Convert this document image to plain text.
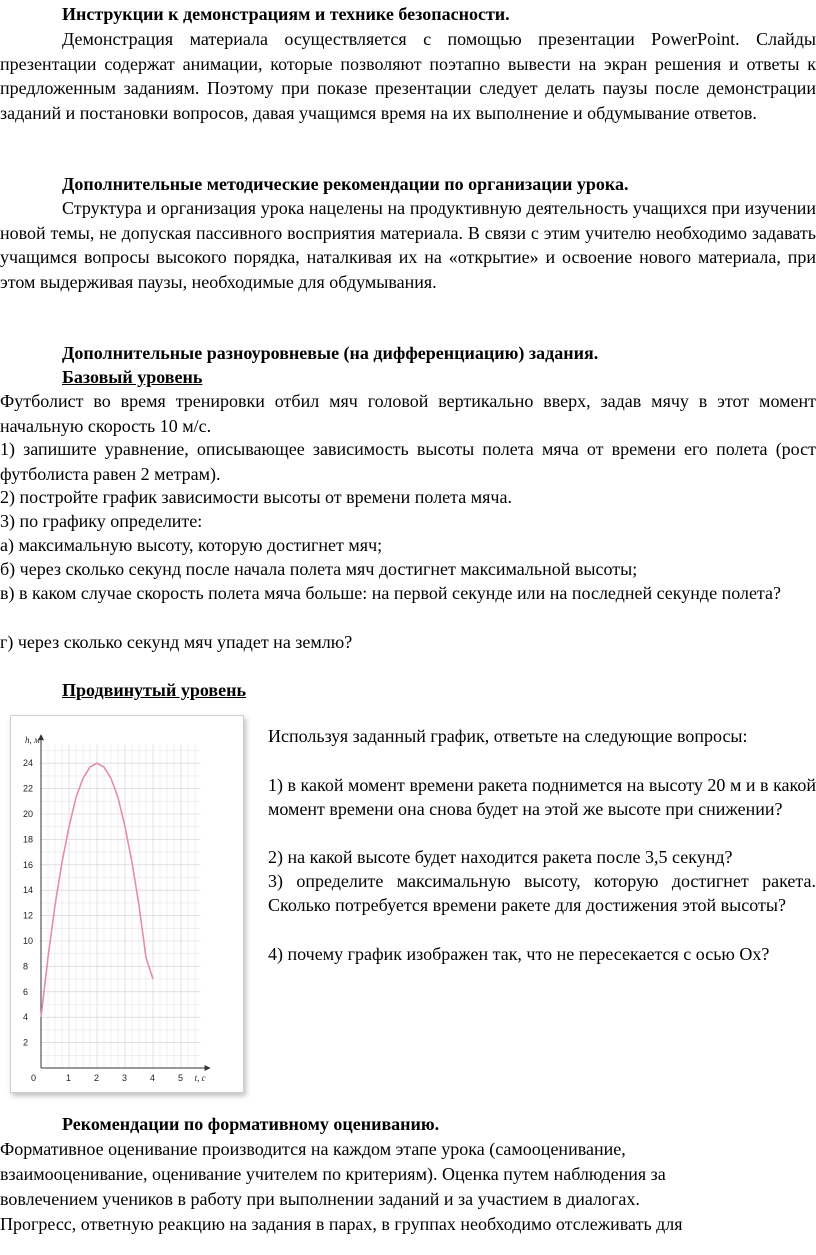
Инструкции к демонстрациям и технике безопасности.

Демонстрация материала осуществляется с помощью презентации PowerPoint. Слайды презентации содержат анимации, которые позволяют поэтапно вывести на экран решения и ответы к предложенным заданиям. Поэтому при показе презентации следует делать паузы после демонстрации заданий и постановки вопросов, давая учащимся время на их выполнение и обдумывание ответов.

Дополнительные методические рекомендации по организации урока.

Структура и организация урока нацелены на продуктивную деятельность учащихся при изучении новой темы, не допуская пассивного восприятия материала. В связи с этим учителю необходимо задавать учащимся вопросы высокого порядка, наталкивая их на «открытие» и освоение нового материала, при этом выдерживая паузы, необходимые для обдумывания.

Дополнительные разноуровневые (на дифференциацию) задания.

Базовый уровень

Футболист во время тренировки отбил мяч головой вертикально вверх, задав мячу в этот момент начальную скорость 10 м/с.

1) запишите уравнение, описывающее зависимость высоты полета мяча от времени его полета (рост футболиста равен 2 метрам).

2) постройте график зависимости высоты от времени полета мяча.

3) по графику определите:

а) максимальную высоту, которую достигнет мяч;

б) через сколько секунд после начала полета мяч достигнет максимальной высоты;

в) в каком случае скорость полета мяча больше: на первой секунде или на последней секунде полета?

г) через сколько секунд мяч упадет на землю?

Продвинутый уровень

0	1	2	3	4	5
2
4
6
8
10
12
14
16
18
20
22
24
t, c
h, м	Используя заданный график, ответьте на следующие вопросы:

1) в какой момент времени ракета поднимется на высоту 20 м и в какой момент времени она снова будет на этой же высоте при снижении?

2) на какой высоте будет находится ракета после 3,5 секунд?

3) определите максимальную высоту, которую достигнет ракета. Сколько потребуется времени ракете для достижения этой высоты?

4) почему график изображен так, что не пересекается с осью Ox?

Рекомендации по формативному оцениванию.

Формативное оценивание производится на каждом этапе урока (самооценивание,

взаимооценивание, оценивание учителем по критериям). Оценка путем наблюдения за

вовлечением учеников в работу при выполнении заданий и за участием в диалогах.

Прогресс, ответную реакцию на задания в парах, в группах необходимо отслеживать для
